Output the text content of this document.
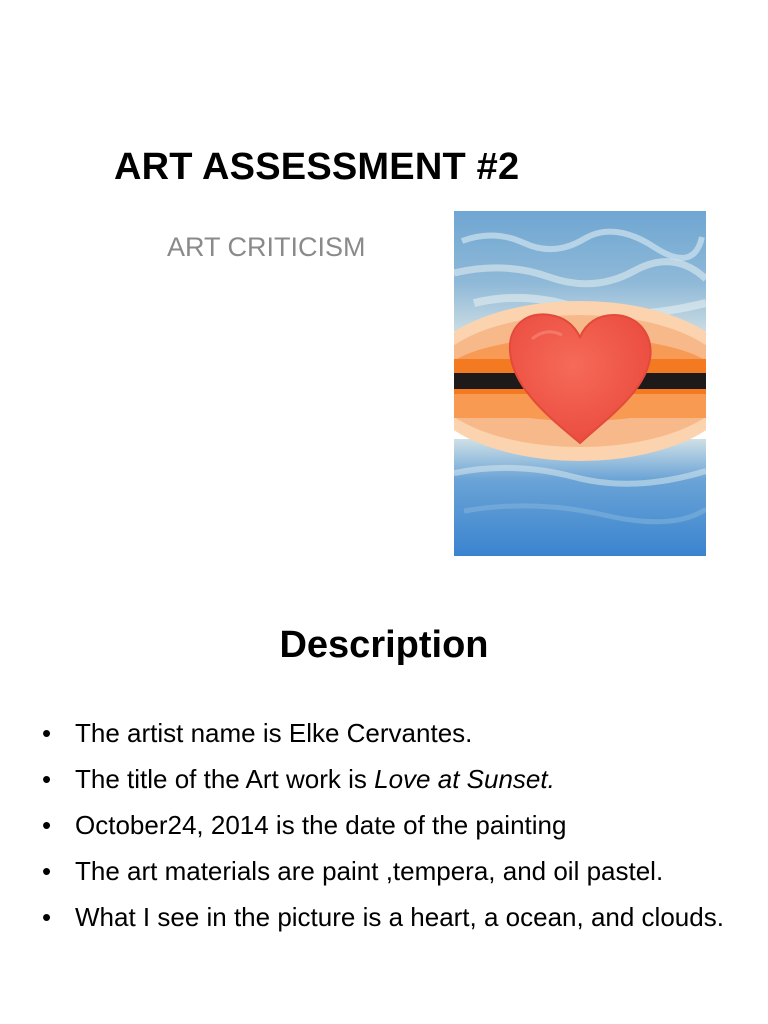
ART ASSESSMENT #2
ART CRITICISM
Description
• The artist name is Elke Cervantes.
• The title of the Art work is Love at Sunset.
• October24, 2014 is the date of the painting
• The art materials are paint ,tempera, and oil pastel.
• What I see in the picture is a heart, a ocean, and clouds.
